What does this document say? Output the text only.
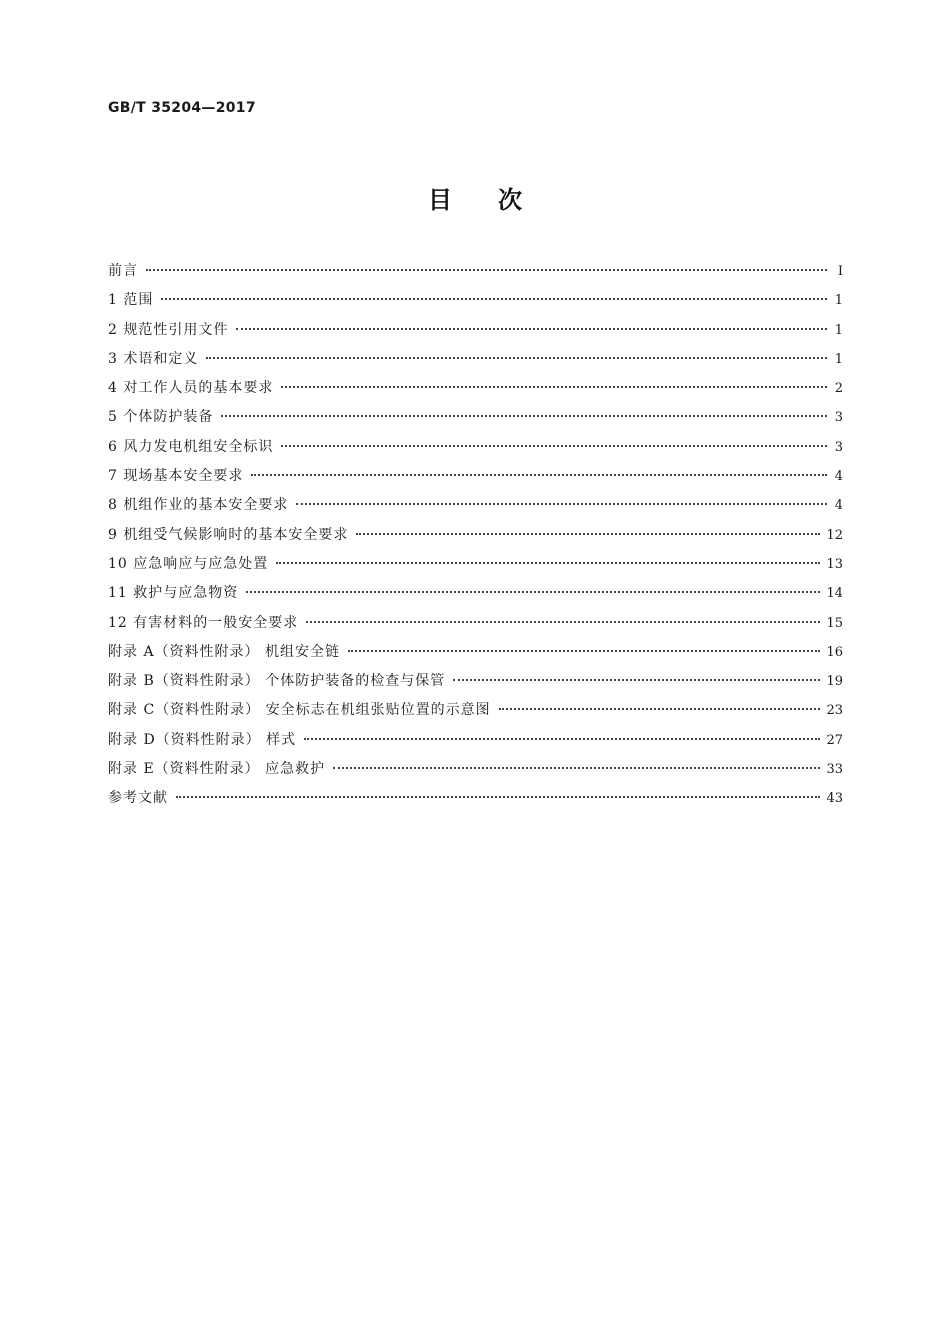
GB/T 35204—2017
目次
前言	Ⅰ
1 范围	1
2 规范性引用文件	1
3 术语和定义	1
4 对工作人员的基本要求	2
5 个体防护装备	3
6 风力发电机组安全标识	3
7 现场基本安全要求	4
8 机组作业的基本安全要求	4
9 机组受气候影响时的基本安全要求	12
10 应急响应与应急处置	13
11 救护与应急物资	14
12 有害材料的一般安全要求	15
附录 A（资料性附录） 机组安全链	16
附录 B（资料性附录） 个体防护装备的检查与保管	19
附录 C（资料性附录） 安全标志在机组张贴位置的示意图	23
附录 D（资料性附录） 样式	27
附录 E（资料性附录） 应急救护	33
参考文献	43
